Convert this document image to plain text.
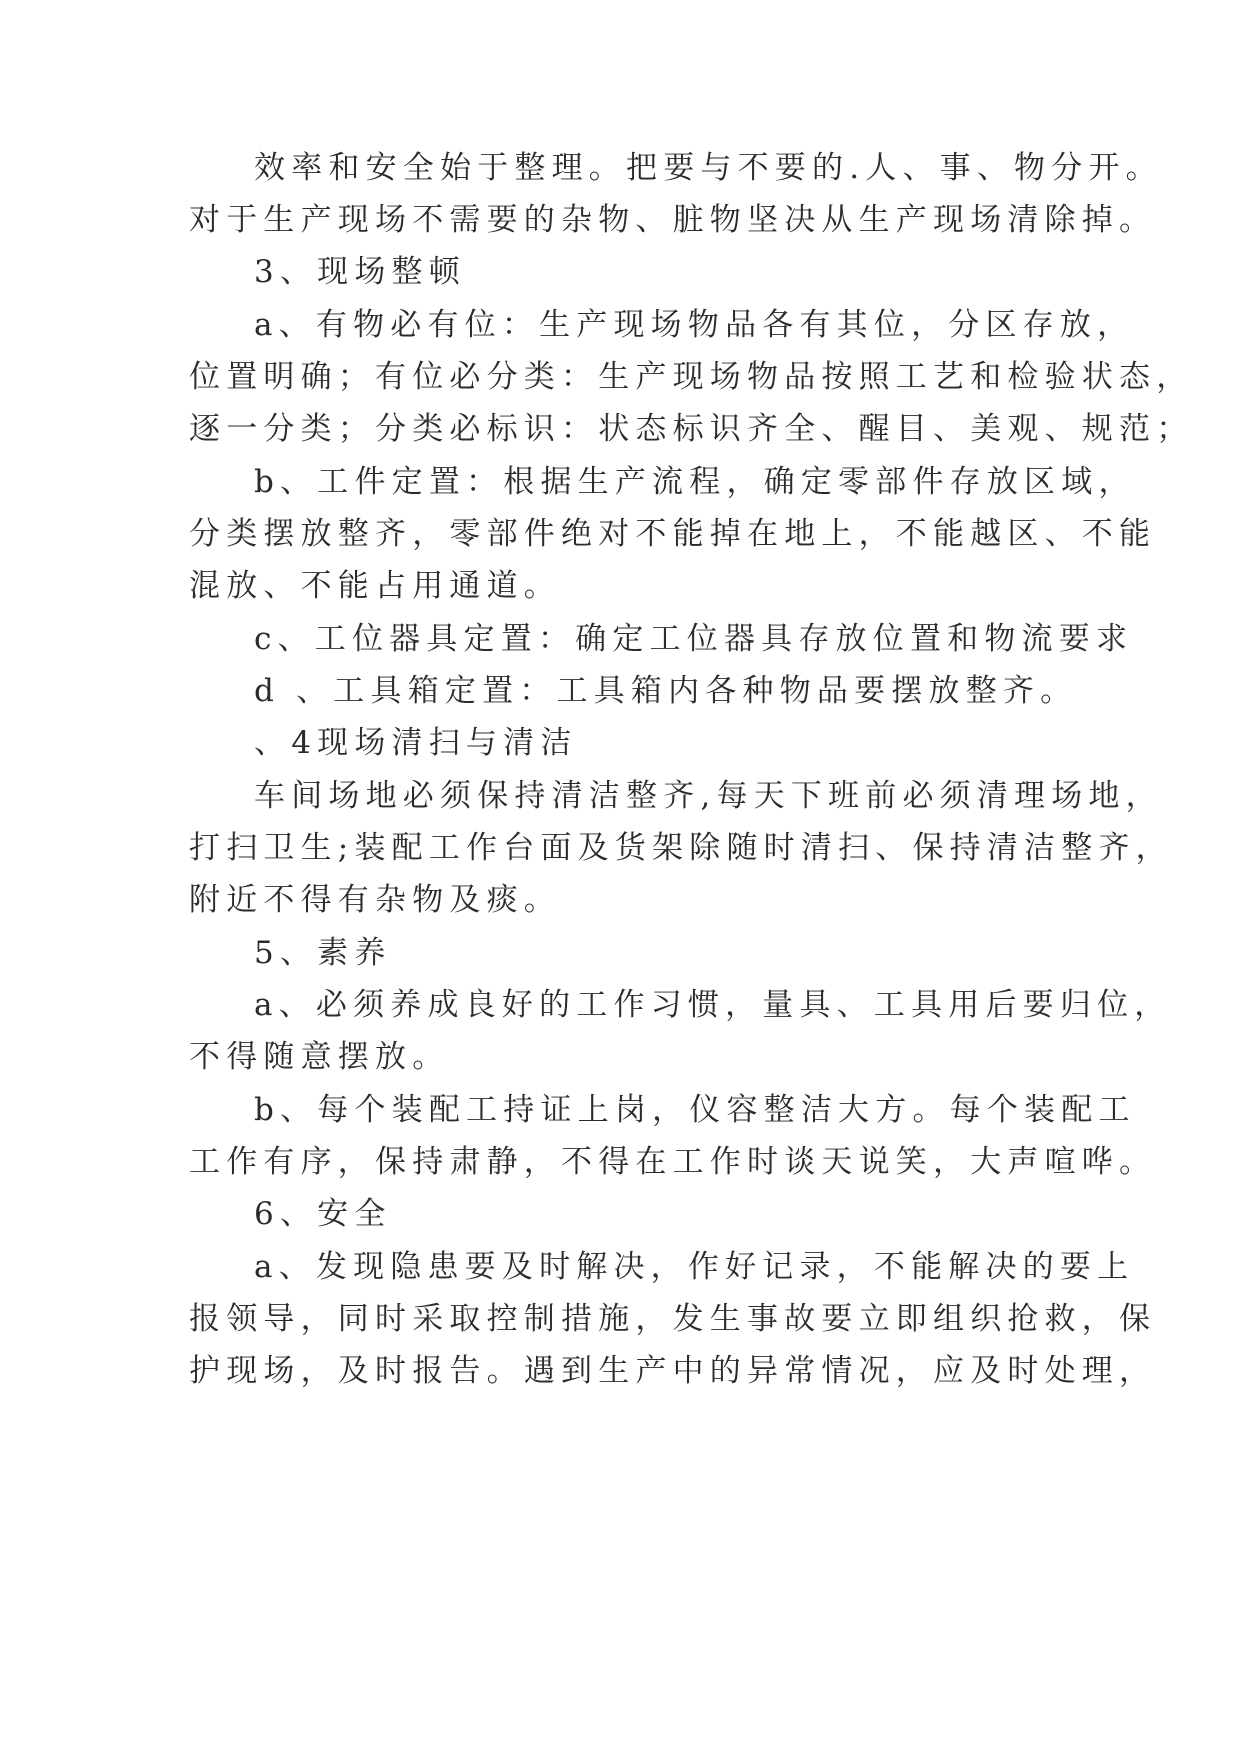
效率和安全始于整理。把要与不要的.人、事、物分开。
对于生产现场不需要的杂物、脏物坚决从生产现场清除掉。
3、现场整顿
a、有物必有位：生产现场物品各有其位，分区存放，
位置明确；有位必分类：生产现场物品按照工艺和检验状态，
逐一分类；分类必标识：状态标识齐全、醒目、美观、规范；
b、工件定置：根据生产流程，确定零部件存放区域，
分类摆放整齐，零部件绝对不能掉在地上，不能越区、不能
混放、不能占用通道。
c、工位器具定置：确定工位器具存放位置和物流要求
d 、工具箱定置：工具箱内各种物品要摆放整齐。
、4现场清扫与清洁
车间场地必须保持清洁整齐,每天下班前必须清理场地，
打扫卫生;装配工作台面及货架除随时清扫、保持清洁整齐，
附近不得有杂物及痰。
5、素养
a、必须养成良好的工作习惯，量具、工具用后要归位，
不得随意摆放。
b、每个装配工持证上岗，仪容整洁大方。每个装配工
工作有序，保持肃静，不得在工作时谈天说笑，大声喧哗。
6、安全
a、发现隐患要及时解决，作好记录，不能解决的要上
报领导，同时采取控制措施，发生事故要立即组织抢救，保
护现场，及时报告。遇到生产中的异常情况，应及时处理，
